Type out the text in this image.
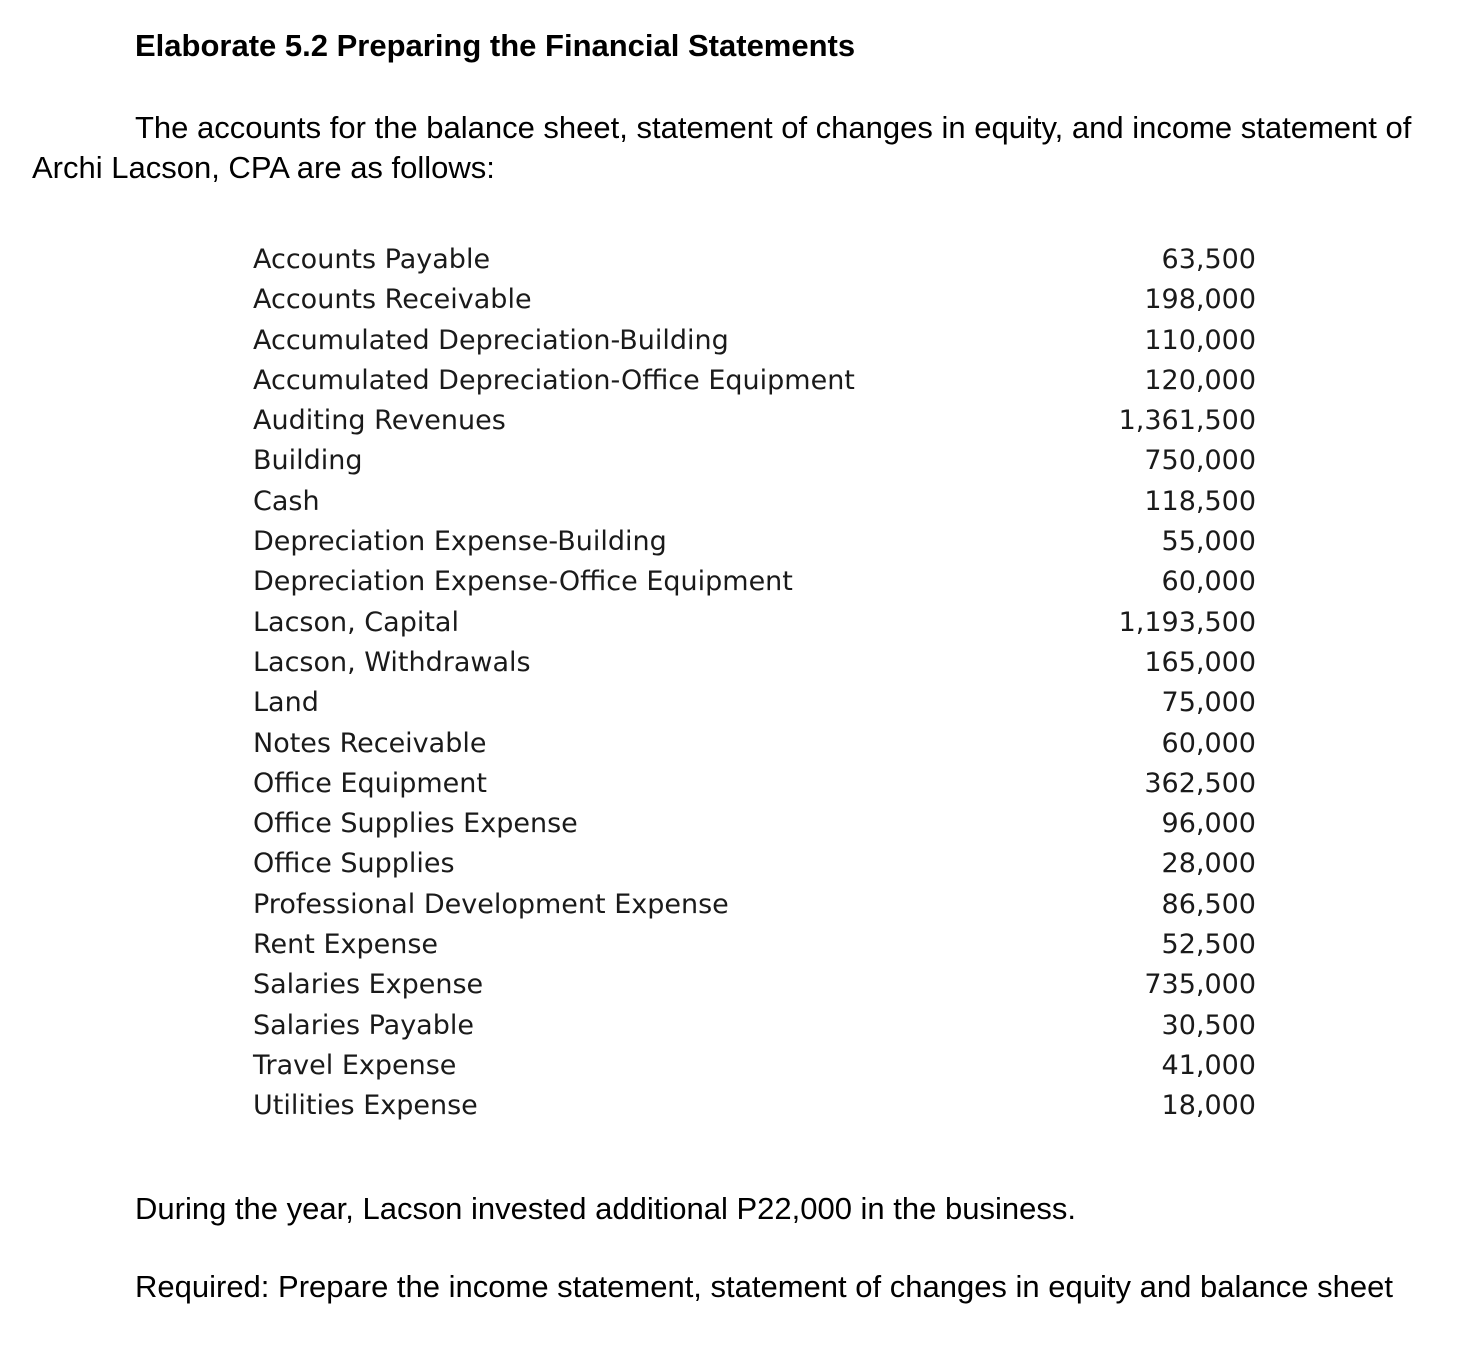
Elaborate 5.2 Preparing the Financial Statements
The accounts for the balance sheet, statement of changes in equity, and income statement of Archi Lacson, CPA are as follows:
Accounts Payable	63,500
Accounts Receivable	198,000
Accumulated Depreciation-Building	110,000
Accumulated Depreciation-Office Equipment	120,000
Auditing Revenues	1,361,500
Building	750,000
Cash	118,500
Depreciation Expense-Building	55,000
Depreciation Expense-Office Equipment	60,000
Lacson, Capital	1,193,500
Lacson, Withdrawals	165,000
Land	75,000
Notes Receivable	60,000
Office Equipment	362,500
Office Supplies Expense	96,000
Office Supplies	28,000
Professional Development Expense	86,500
Rent Expense	52,500
Salaries Expense	735,000
Salaries Payable	30,500
Travel Expense	41,000
Utilities Expense	18,000
During the year, Lacson invested additional P22,000 in the business.
Required: Prepare the income statement, statement of changes in equity and balance sheet
